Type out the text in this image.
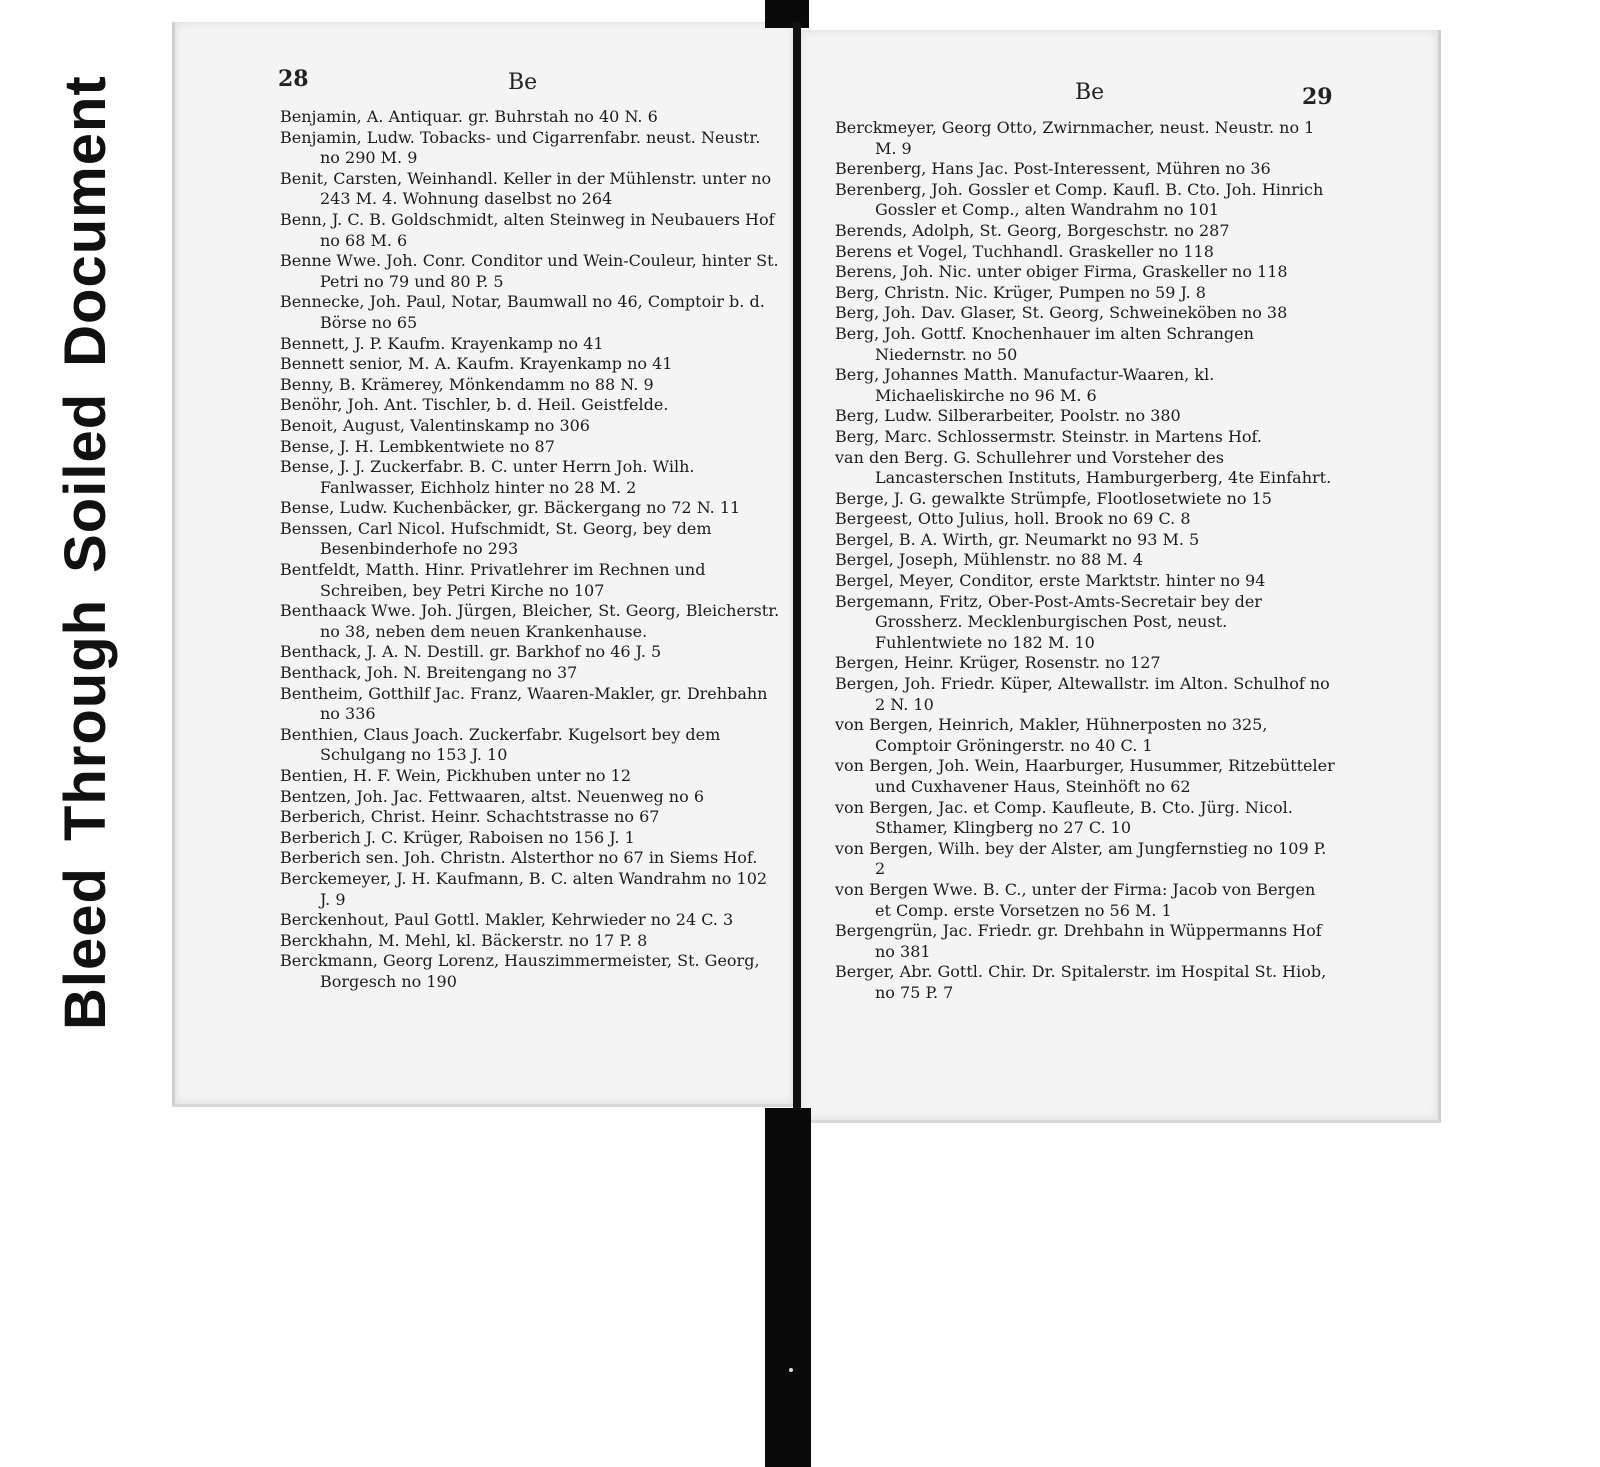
BleedThroughSoiledDocument	28	Be	Be	29
Benjamin, A. Antiquar. gr. Buhrstah no 40 N. 6
Benjamin, Ludw. Tobacks- und Cigarrenfabr. neust. Neustr. no 290 M. 9
Benit, Carsten, Weinhandl. Keller in der Mühlenstr. unter no 243 M. 4. Wohnung daselbst no 264
Benn, J. C. B. Goldschmidt, alten Steinweg in Neubauers Hof no 68 M. 6
Benne Wwe. Joh. Conr. Conditor und Wein-Couleur, hinter St. Petri no 79 und 80 P. 5
Bennecke, Joh. Paul, Notar, Baumwall no 46, Comptoir b. d. Börse no 65
Bennett, J. P. Kaufm. Krayenkamp no 41
Bennett senior, M. A. Kaufm. Krayenkamp no 41
Benny, B. Krämerey, Mönkendamm no 88 N. 9
Benöhr, Joh. Ant. Tischler, b. d. Heil. Geistfelde.
Benoit, August, Valentinskamp no 306
Bense, J. H. Lembkentwiete no 87
Bense, J. J. Zuckerfabr. B. C. unter Herrn Joh. Wilh. Fanlwasser, Eichholz hinter no 28 M. 2
Bense, Ludw. Kuchenbäcker, gr. Bäckergang no 72 N. 11
Benssen, Carl Nicol. Hufschmidt, St. Georg, bey dem Besenbinderhofe no 293
Bentfeldt, Matth. Hinr. Privatlehrer im Rechnen und Schreiben, bey Petri Kirche no 107
Benthaack Wwe. Joh. Jürgen, Bleicher, St. Georg, Bleicherstr. no 38, neben dem neuen Krankenhause.
Benthack, J. A. N. Destill. gr. Barkhof no 46 J. 5
Benthack, Joh. N. Breitengang no 37
Bentheim, Gotthilf Jac. Franz, Waaren-Makler, gr. Drehbahn no 336
Benthien, Claus Joach. Zuckerfabr. Kugelsort bey dem Schulgang no 153 J. 10
Bentien, H. F. Wein, Pickhuben unter no 12
Bentzen, Joh. Jac. Fettwaaren, altst. Neuenweg no 6
Berberich, Christ. Heinr. Schachtstrasse no 67
Berberich J. C. Krüger, Raboisen no 156 J. 1
Berberich sen. Joh. Christn. Alsterthor no 67 in Siems Hof.
Berckemeyer, J. H. Kaufmann, B. C. alten Wandrahm no 102 J. 9
Berckenhout, Paul Gottl. Makler, Kehrwieder no 24 C. 3
Berckhahn, M. Mehl, kl. Bäckerstr. no 17 P. 8
Berckmann, Georg Lorenz, Hauszimmermeister, St. Georg, Borgesch no 190
Berckmeyer, Georg Otto, Zwirnmacher, neust. Neustr. no 1 M. 9
Berenberg, Hans Jac. Post-Interessent, Mühren no 36
Berenberg, Joh. Gossler et Comp. Kaufl. B. Cto. Joh. Hinrich Gossler et Comp., alten Wandrahm no 101
Berends, Adolph, St. Georg, Borgeschstr. no 287
Berens et Vogel, Tuchhandl. Graskeller no 118
Berens, Joh. Nic. unter obiger Firma, Graskeller no 118
Berg, Christn. Nic. Krüger, Pumpen no 59 J. 8
Berg, Joh. Dav. Glaser, St. Georg, Schweineköben no 38
Berg, Joh. Gottf. Knochenhauer im alten Schrangen Niedernstr. no 50
Berg, Johannes Matth. Manufactur-Waaren, kl. Michaeliskirche no 96 M. 6
Berg, Ludw. Silberarbeiter, Poolstr. no 380
Berg, Marc. Schlossermstr. Steinstr. in Martens Hof.
van den Berg. G. Schullehrer und Vorsteher des Lancasterschen Instituts, Hamburgerberg, 4te Einfahrt.
Berge, J. G. gewalkte Strümpfe, Flootlosetwiete no 15
Bergeest, Otto Julius, holl. Brook no 69 C. 8
Bergel, B. A. Wirth, gr. Neumarkt no 93 M. 5
Bergel, Joseph, Mühlenstr. no 88 M. 4
Bergel, Meyer, Conditor, erste Marktstr. hinter no 94
Bergemann, Fritz, Ober-Post-Amts-Secretair bey der Grossherz. Mecklenburgischen Post, neust. Fuhlentwiete no 182 M. 10
Bergen, Heinr. Krüger, Rosenstr. no 127
Bergen, Joh. Friedr. Küper, Altewallstr. im Alton. Schulhof no 2 N. 10
von Bergen, Heinrich, Makler, Hühnerposten no 325, Comptoir Gröningerstr. no 40 C. 1
von Bergen, Joh. Wein, Haarburger, Husummer, Ritzebütteler und Cuxhavener Haus, Steinhöft no 62
von Bergen, Jac. et Comp. Kaufleute, B. Cto. Jürg. Nicol. Sthamer, Klingberg no 27 C. 10
von Bergen, Wilh. bey der Alster, am Jungfernstieg no 109 P. 2
von Bergen Wwe. B. C., unter der Firma: Jacob von Bergen et Comp. erste Vorsetzen no 56 M. 1
Bergengrün, Jac. Friedr. gr. Drehbahn in Wüppermanns Hof no 381
Berger, Abr. Gottl. Chir. Dr. Spitalerstr. im Hospital St. Hiob, no 75 P. 7
